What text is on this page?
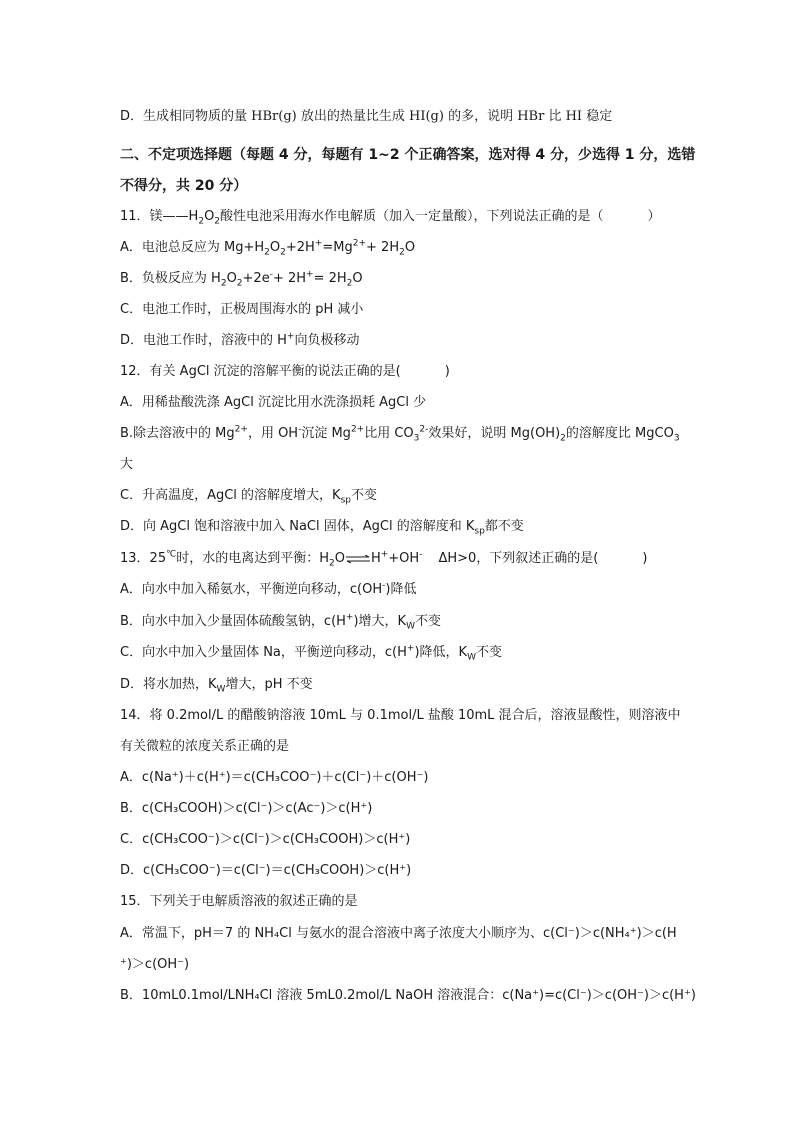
D．生成相同物质的量 HBr(g) 放出的热量比生成 HI(g) 的多，说明 HBr 比 HI 稳定
二、不定项选择题（每题 4 分，每题有 1~2 个正确答案，选对得 4 分，少选得 1 分，选错
不得分，共 20 分）
11．镁$——H_2O_2$酸性电池采用海水作电解质（加入一定量酸），下列说法正确的是（	）
A．电池总反应为 $Mg+H_2O_2+2H^+=Mg^{2+}+ 2H_2O$
B．负极反应为 $H_2O_2+2e^-+ 2H^+= 2H_2O$
C．电池工作时，正极周围海水的 pH 减小
D．电池工作时，溶液中的 H+向负极移动
12．有关 AgCl 沉淀的溶解平衡的说法正确的是(	)
A．用稀盐酸洗涤 AgCl 沉淀比用水洗涤损耗 AgCl 少
B.除去溶液中的 $Mg^{2+}$，用 OH-沉淀 $Mg^{2+}$比用 $CO_3^{2-}$效果好，说明 $Mg(OH)_2$的溶解度比 MgCO$_3$
大
C．升高温度，AgCl 的溶解度增大，$K_{sp}$不变
D．向 AgCl 饱和溶液中加入 NaCl 固体，AgCl 的溶解度和 $K_{sp}$都不变
13．25℃时，水的电离达到平衡：$H_2O\rightleftharpoons H^++OH^-$ ΔH>0，下列叙述正确的是(	)
A．向水中加入稀氨水，平衡逆向移动，c(OH-)降低
B．向水中加入少量固体硫酸氢钠，c(H+)增大，$K_W$不变
C．向水中加入少量固体 Na，平衡逆向移动，c(H+)降低，$K_W$不变
D．将水加热，$K_W$增大，pH 不变
14．将 0.2mol/L 的醋酸钠溶液 10mL 与 0.1mol/L 盐酸 10mL 混合后，溶液显酸性，则溶液中
有关微粒的浓度关系正确的是
A．c(Na⁺)＋c(H⁺)＝c(CH₃COO⁻)＋c(Cl⁻)＋c(OH⁻)
B．c(CH₃COOH)＞c(Cl⁻)＞c(Ac⁻)＞c(H⁺)
C．c(CH₃COO⁻)＞c(Cl⁻)＞c(CH₃COOH)＞c(H⁺)
D．c(CH₃COO⁻)＝c(Cl⁻)＝c(CH₃COOH)＞c(H⁺)
15．下列关于电解质溶液的叙述正确的是
A．常温下，pH＝7 的 NH₄Cl 与氨水的混合溶液中离子浓度大小顺序为、c(Cl⁻)＞c(NH₄⁺)＞c(H
⁺)＞c(OH⁻)
B．10mL0.1mol/LNH₄Cl 溶液 5mL0.2mol/L NaOH 溶液混合：c(Na⁺)=c(Cl⁻)＞c(OH⁻)＞c(H⁺)
